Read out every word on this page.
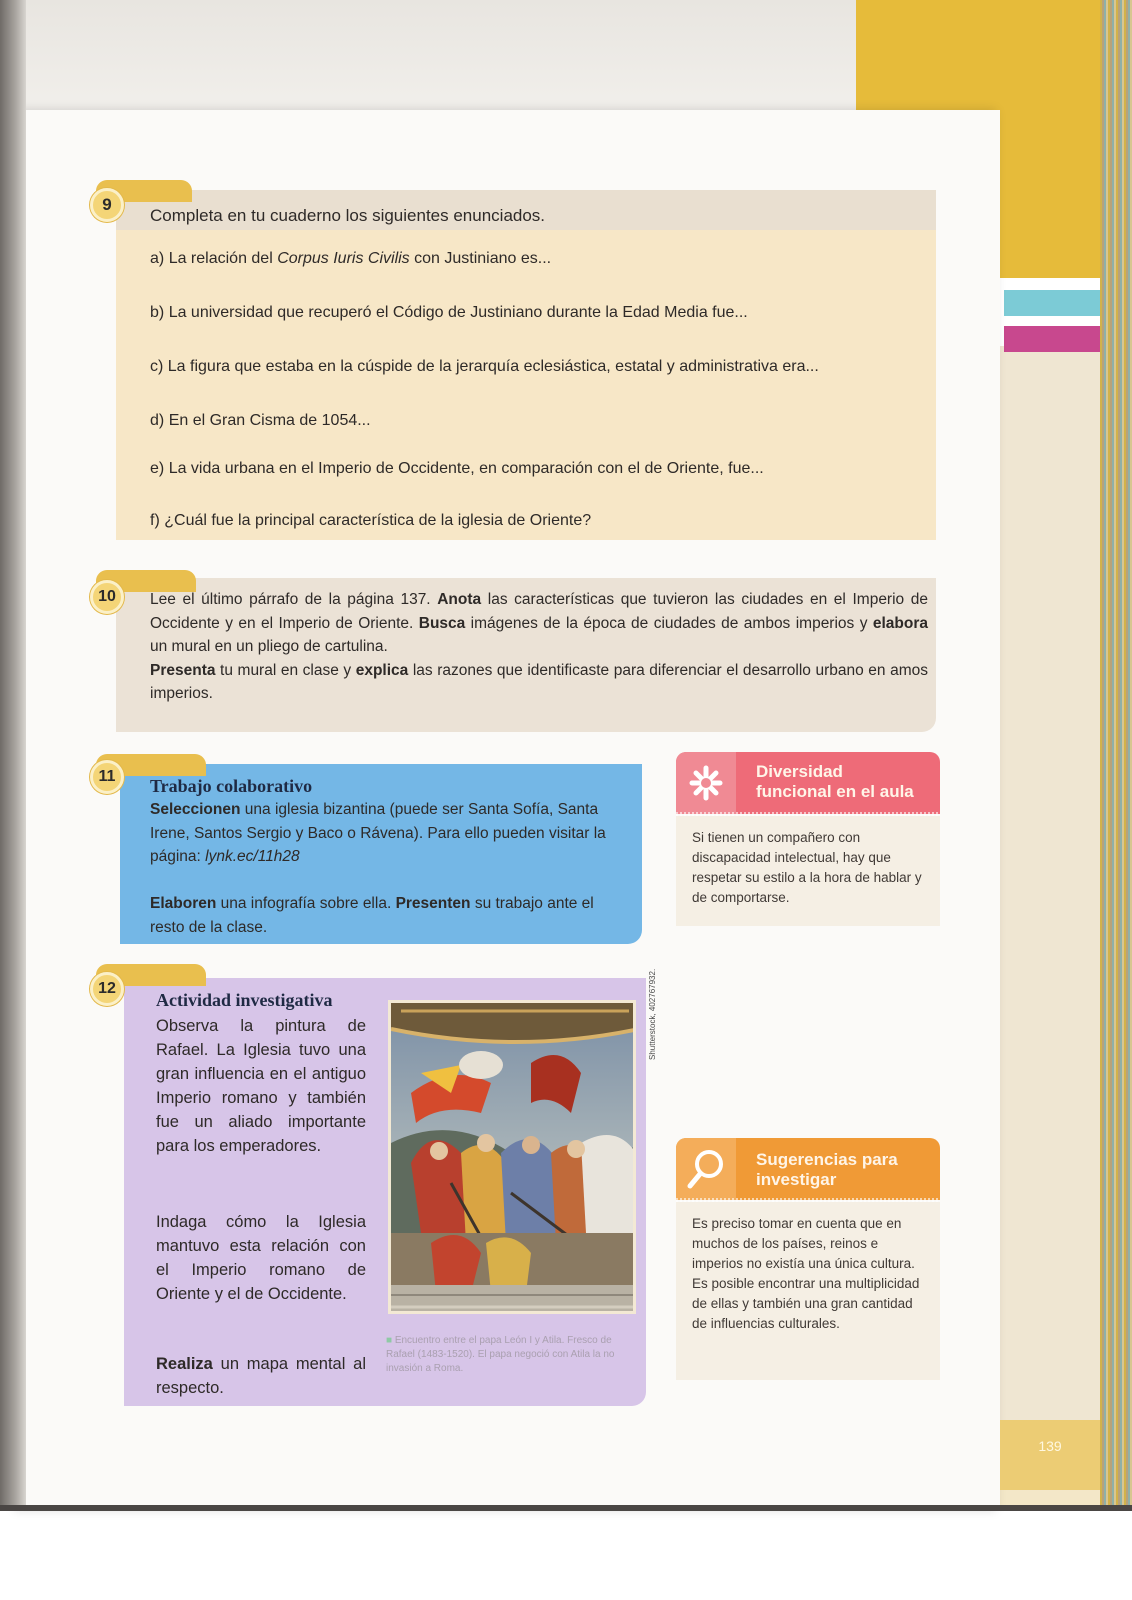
139
9
Completa en tu cuaderno los siguientes enunciados.
a) La relación del Corpus Iuris Civilis con Justiniano es...
b) La universidad que recuperó el Código de Justiniano durante la Edad Media fue...
c) La figura que estaba en la cúspide de la jerarquía eclesiástica, estatal y administrativa era...
d) En el Gran Cisma de 1054...
e) La vida urbana en el Imperio de Occidente, en comparación con el de Oriente, fue...
f) ¿Cuál fue la principal característica de la iglesia de Oriente?
10	Lee el último párrafo de la página 137. Anota las características que tuvieron las ciudades en el Imperio de Occidente y en el Imperio de Oriente. Busca imágenes de la época de ciudades de ambos imperios y elabora un mural en un pliego de cartulina.
Presenta tu mural en clase y explica las razones que identificaste para diferenciar el desarrollo urbano en amos imperios.
11	Trabajo colaborativo
Seleccionen una iglesia bizantina (puede ser Santa Sofía, Santa Irene, Santos Sergio y Baco o Rávena). Para ello pueden visitar la página: lynk.ec/11h28
Elaboren una infografía sobre ella. Presenten su trabajo ante el resto de la clase.
12
Actividad investigativa
Observa la pintura de Rafael. La Iglesia tuvo una gran influencia en el antiguo Imperio romano y también fue un aliado importante para los emperadores.
Indaga cómo la Iglesia mantuvo esta relación con el Imperio romano de Oriente y el de Occidente.
Realiza un mapa mental al respecto.
Shutterstock, 402767932.
■ Encuentro entre el papa León I y Atila. Fresco de Rafael (1483-1520). El papa negoció con Atila la no invasión a Roma.
Diversidad
funcional en el aula
Si tienen un compañero con discapacidad intelectual, hay que respetar su estilo a la hora de hablar y de comportarse.
Sugerencias para
investigar
Es preciso tomar en cuenta que en muchos de los países, reinos e imperios no existía una única cultura. Es posible encontrar una multiplicidad de ellas y también una gran cantidad de influencias culturales.
